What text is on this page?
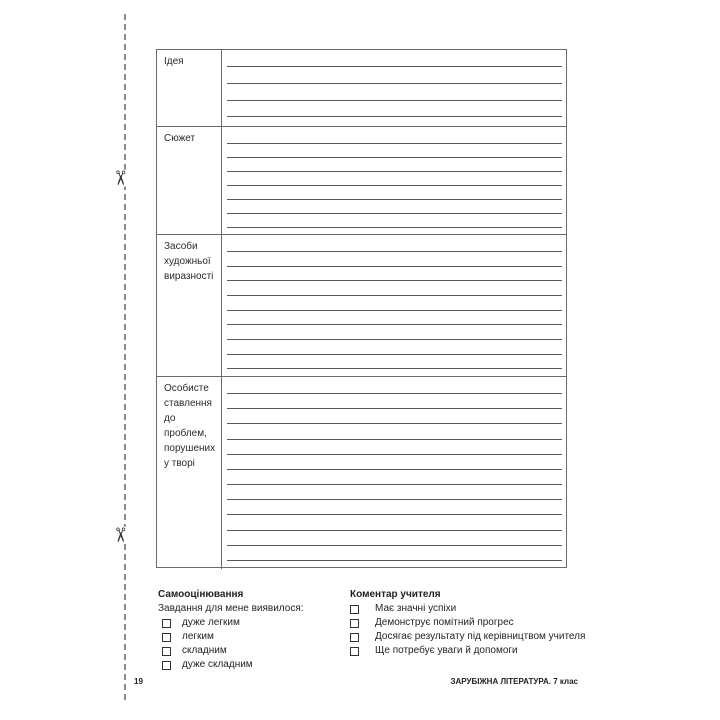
✂
✂
Ідея
Сюжет
Засоби
художньої
виразності
Особисте
ставлення
до проблем,
порушених
у творі
Самооцінювання

Завдання для мене виявилося:

дуже легким
легким
складним
дуже складним
Коментар учителя
Має значні успіхи
Демонструє помітний прогрес
Досягає результату під керівництвом учителя
Ще потребує уваги й допомоги
19	ЗАРУБІЖНА ЛІТЕРАТУРА. 7 клас
